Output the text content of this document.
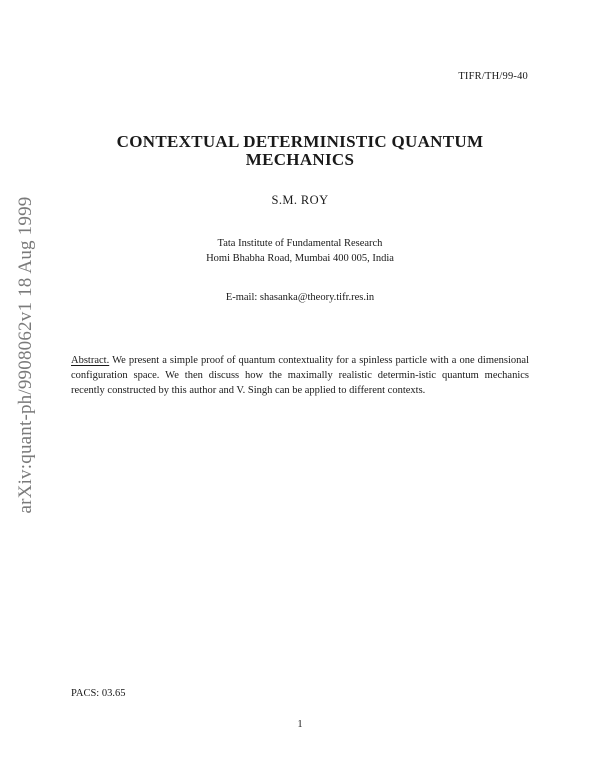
TIFR/TH/99-40
CONTEXTUAL DETERMINISTIC QUANTUM
MECHANICS
S.M. ROY
Tata Institute of Fundamental Research
Homi Bhabha Road, Mumbai 400 005, India
E-mail: shasanka@theory.tifr.res.in
Abstract. We present a simple proof of quantum contextuality for a spinless particle with a one dimensional configuration space. We then discuss how the maximally realistic determin-istic quantum mechanics recently constructed by this author and V. Singh can be applied to different contexts.
PACS: 03.65
1
arXiv:quant-ph/9908062v1 18 Aug 1999
